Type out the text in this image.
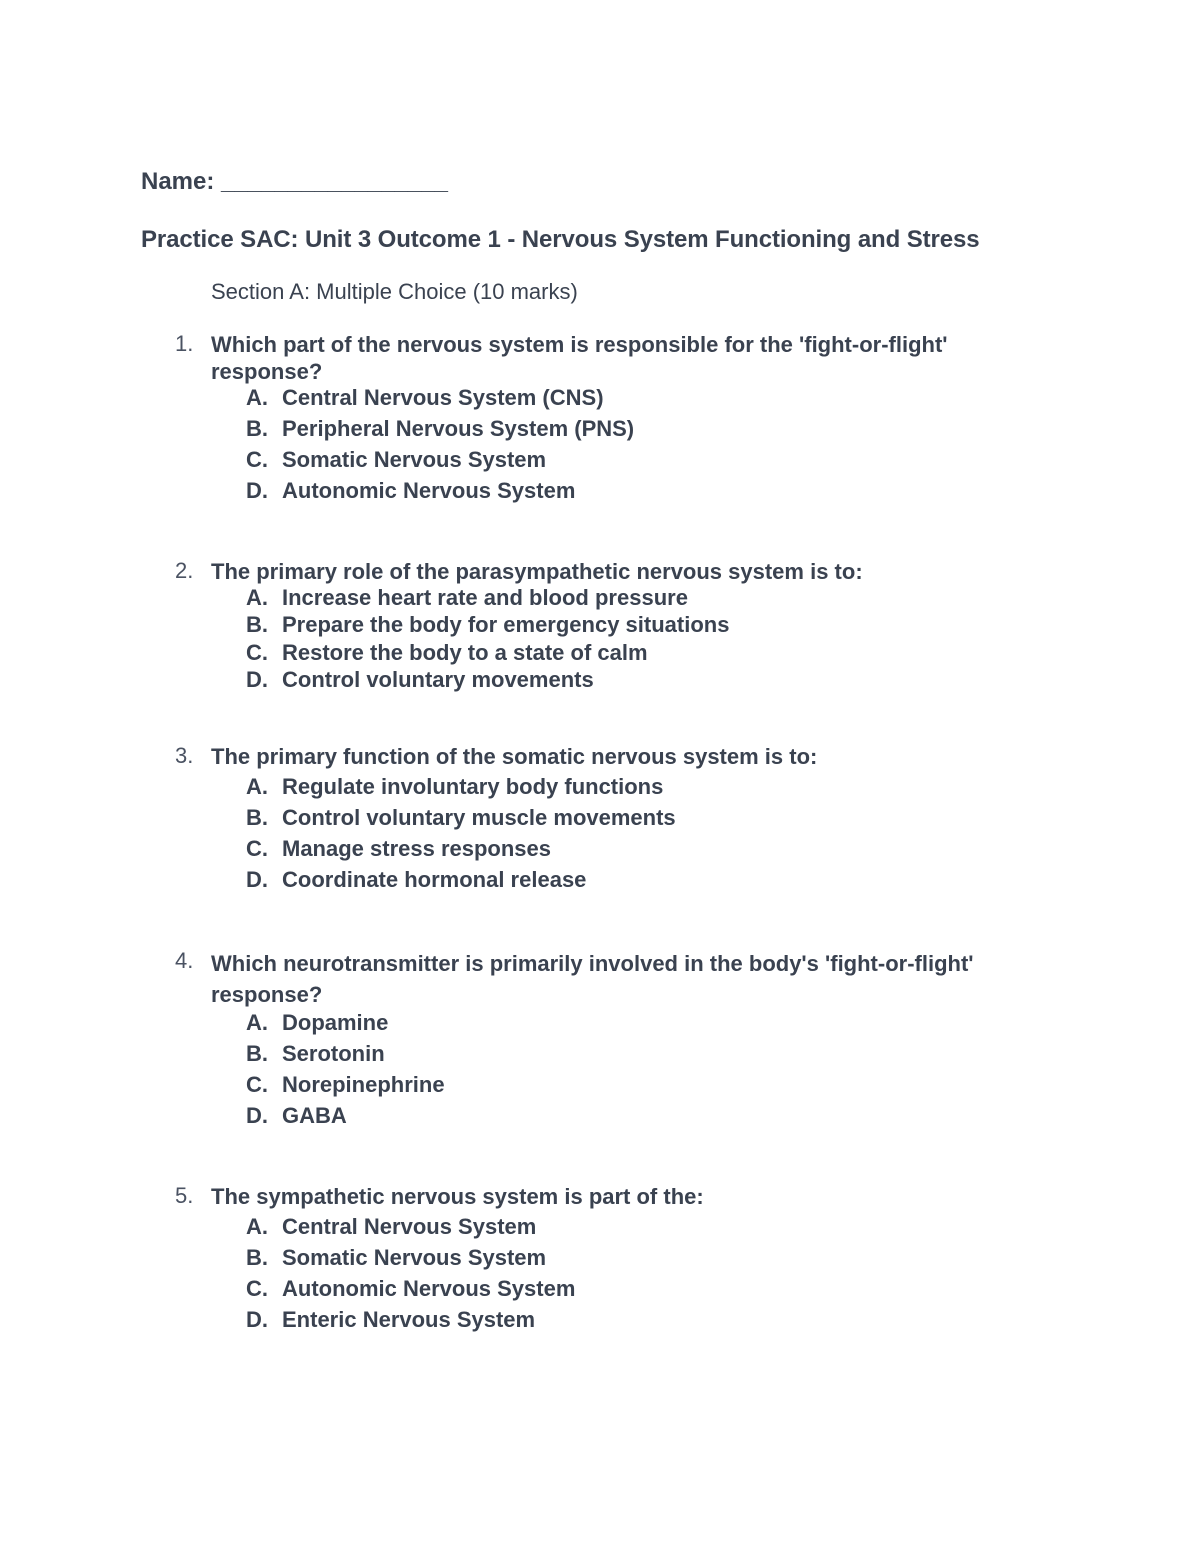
Name: _________________
Practice SAC: Unit 3 Outcome 1 - Nervous System Functioning and Stress
Section A: Multiple Choice (10 marks)
1. Which part of the nervous system is responsible for the 'fight-or-flight' response?
A. Central Nervous System (CNS)
B. Peripheral Nervous System (PNS)
C. Somatic Nervous System
D. Autonomic Nervous System
2. The primary role of the parasympathetic nervous system is to:
A. Increase heart rate and blood pressure
B. Prepare the body for emergency situations
C. Restore the body to a state of calm
D. Control voluntary movements
3. The primary function of the somatic nervous system is to:
A. Regulate involuntary body functions
B. Control voluntary muscle movements
C. Manage stress responses
D. Coordinate hormonal release
4. Which neurotransmitter is primarily involved in the body's 'fight-or-flight' response?
A. Dopamine
B. Serotonin
C. Norepinephrine
D. GABA
5. The sympathetic nervous system is part of the:
A. Central Nervous System
B. Somatic Nervous System
C. Autonomic Nervous System
D. Enteric Nervous System
